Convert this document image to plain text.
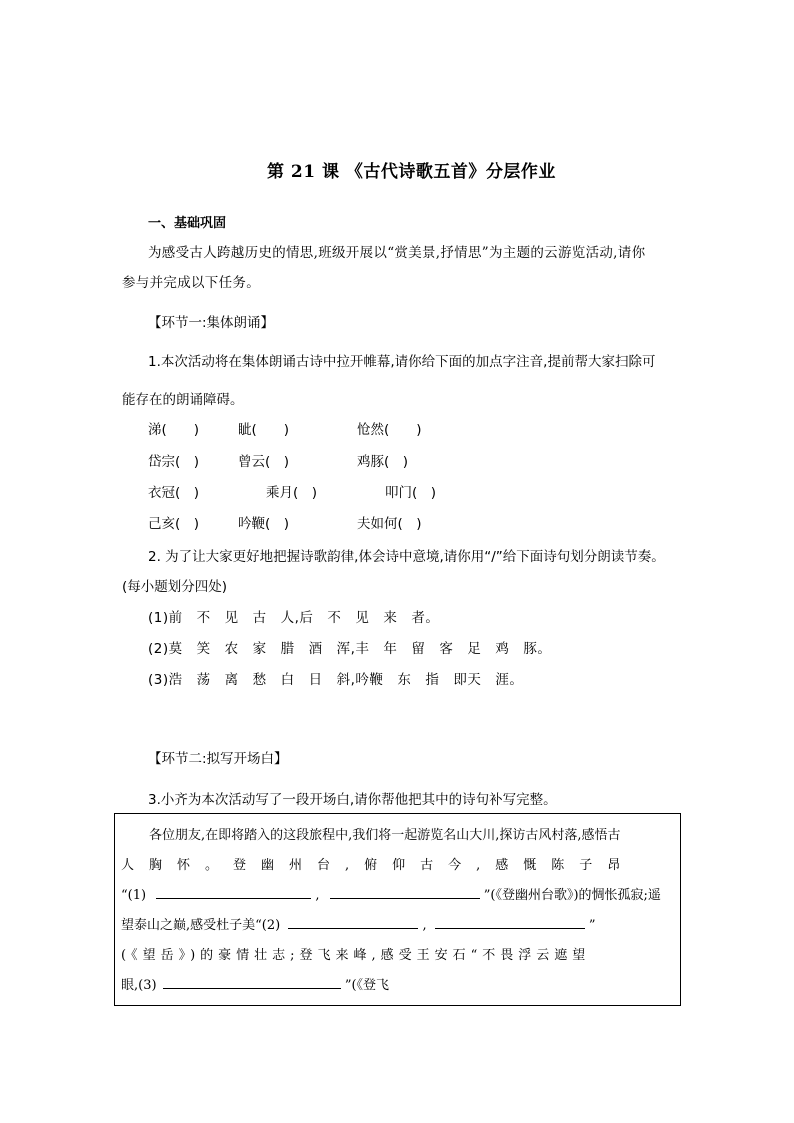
第 21 课 《古代诗歌五首》分层作业
一、基础巩固
为感受古人跨越历史的情思,班级开展以“赏美景,抒情思”为主题的云游览活动,请你
参与并完成以下任务。
【环节一:集体朗诵】
1.本次活动将在集体朗诵古诗中拉开帷幕,请你给下面的加点字注音,提前帮大家扫除可
能存在的朗诵障碍。
涕(　　)	眦(　　)	怆然(　　)
岱宗(　)	曾云(　)	鸡豚(　)
衣冠(　)	乘月(　)	叩门(　)
己亥(　)	吟鞭(　)	夫如何(　)
2. 为了让大家更好地把握诗歌韵律,体会诗中意境,请你用“/”给下面诗句划分朗读节奏。
(每小题划分四处)
(1)前　不　见　古　人,后　不　见　来　者。
(2)莫　笑　农　家　腊　酒　浑,丰　年　留　客　足　鸡　豚。
(3)浩　荡　离　愁　白　日　斜,吟鞭　东　指　即天　涯。
【环节二:拟写开场白】
3.小齐为本次活动写了一段开场白,请你帮他把其中的诗句补写完整。
各位朋友,在即将踏入的这段旅程中,我们将一起游览名山大川,探访古风村落,感悟古
人胸怀。登幽州台,俯仰古今,感慨陈子昂
“(1)	,	”(《登幽州台歌》)的惆怅孤寂;遥
望泰山之巅,感受杜子美“(2)	,	”
(《望岳》)的豪情壮志;登飞来峰,感受王安石“不畏浮云遮望
眼,(3)	”(《登飞
